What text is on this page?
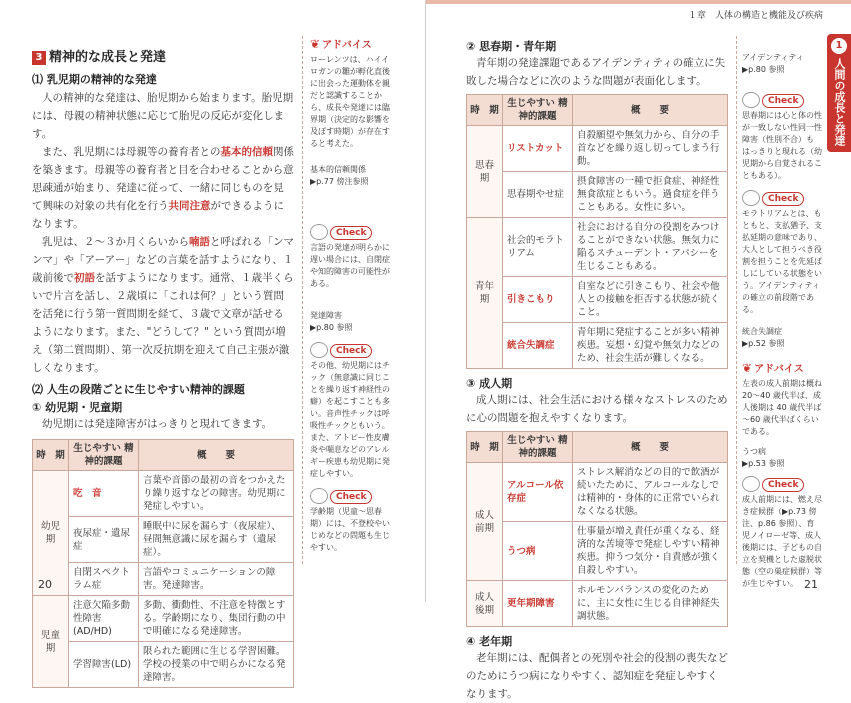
3 精神的な成長と発達
⑴ 乳児期の精神的な発達

人の精神的な発達は、胎児期から始まります。胎児期には、母親の精神状態に応じて胎児の反応が変化します。

また、乳児期には母親等の養育者との基本的信頼関係を築きます。母親等の養育者と目を合わせることから意思疎通が始まり、発達に従って、一緒に同じものを見て興味の対象の共有化を行う共同注意ができるようになります。

乳児は、２～３か月くらいから喃語と呼ばれる「ンマンマ」や「アーアー」などの言葉を話すようになり、１歳前後で初語を話すようになります。通常、１歳半くらいで片言を話し、２歳頃に「これは何？」という質問を活発に行う第一質問期を経て、３歳で文章が話せるようになります。また、"どうして？" という質問が増え（第二質問期）、第一次反抗期を迎えて自己主張が激しくなります。

⑵ 人生の段階ごとに生じやすい精神的課題
① 幼児期・児童期

幼児期には発達障害がはっきりと現れてきます。

時　期	生じやすい 精神的課題	概　　要
幼児期	吃　音	言葉や音節の最初の音をつかえたり繰り返すなどの障害。幼児期に発症しやすい。
	夜尿症・遺尿症	睡眠中に尿を漏らす（夜尿症）、昼間無意識に尿を漏らす（遺尿症）。
	自閉スペクトラム症	言語やコミュニケーションの障害。発達障害。
児童期	注意欠陥多動性障害(AD/HD)	多動、衝動性、不注意を特徴とする。学齢期になり、集団行動の中で明確になる発達障害。
	学習障害(LD)	限られた範囲に生じる学習困難。学校の授業の中で明らかになる発達障害。
❦ アドバイス
ローレンツは、ハイイロガンの雛が孵化直後に出会った運動体を親だと認識することから、成長や発達には臨界期（決定的な影響を及ぼす時期）が存在すると考えた。
基本的信頼関係
▶p.77 傍注参照
Check
言語の発達が明らかに遅い場合には、自閉症や知的障害の可能性がある。
発達障害
▶p.80 参照
Check
その他、幼児期にはチック（無意識に同じことを繰り返す神経性の癖）を起こすことも多い。音声性チックは呼吸性チックともいう。また、アトピー性皮膚炎や喘息などのアレルギー疾患も幼児期に発症しやすい。
Check
学齢期（児童～思春期）には、不登校やいじめなどの問題も生じやすい。
20
１章　人体の構造と機能及び疾病
1
人間の成長と発達
② 思春期・青年期

青年期の発達課題であるアイデンティティの確立に失敗した場合などに次のような問題が表面化します。

時　期	生じやすい 精神的課題	概　　要
思春期	リストカット	自殺願望や無気力から、自分の手首などを繰り返し切ってしまう行動。
	思春期やせ症	摂食障害の一種で拒食症、神経性無食欲症ともいう。過食症を伴うこともある。女性に多い。
青年期	社会的モラトリアム	社会における自分の役割をみつけることができない状態。無気力に陥るスチューデント・アパシーを生じることもある。
	引きこもり	自室などに引きこもり、社会や他人との接触を拒否する状態が続くこと。
	統合失調症	青年期に発症することが多い精神疾患。妄想・幻覚や無気力などのため、社会生活が難しくなる。
③ 成人期

成人期には、社会生活における様々なストレスのために心の問題を抱えやすくなります。

時　期	生じやすい 精神的課題	概　　要
成人前期	アルコール依存症	ストレス解消などの目的で飲酒が続いたために、アルコールなしでは精神的・身体的に正常でいられなくなる状態。
	うつ病	仕事量が増え責任が重くなる、経済的な苦境等で発症しやすい精神疾患。抑うつ気分・自責感が強く自殺しやすい。
成人後期	更年期障害	ホルモンバランスの変化のために、主に女性に生じる自律神経失調状態。
④ 老年期

老年期には、配偶者との死別や社会的役割の喪失などのためにうつ病になりやすく、認知症を発症しやすくなります。

アイデンティティ
▶p.80 参照
Check
思春期には心と体の性が一致しない性同一性障害（性別不合）も はっきりと現れる（幼児期から自覚されることもある）。
Check
モラトリアムとは、もともと、支払猶予、支払延期の意味であり、大人として担うべき役割を担うことを先延ばしにしている状態をいう。アイデンティティの確立の前段階である。
統合失調症
▶p.52 参照
❦ アドバイス
左表の成人前期は概ね 20～40 歳代半ば、成人後期は 40 歳代半ば～60 歳代半ばくらいである。
うつ病
▶p.53 参照
Check
成人前期には、燃え尽き症候群（▶p.73 傍注、p.86 参照）、育児ノイローゼ等、成人後期には、子どもの自立を契機とした虚脱状態（空の巣症候群）等が生じやすい。 21
